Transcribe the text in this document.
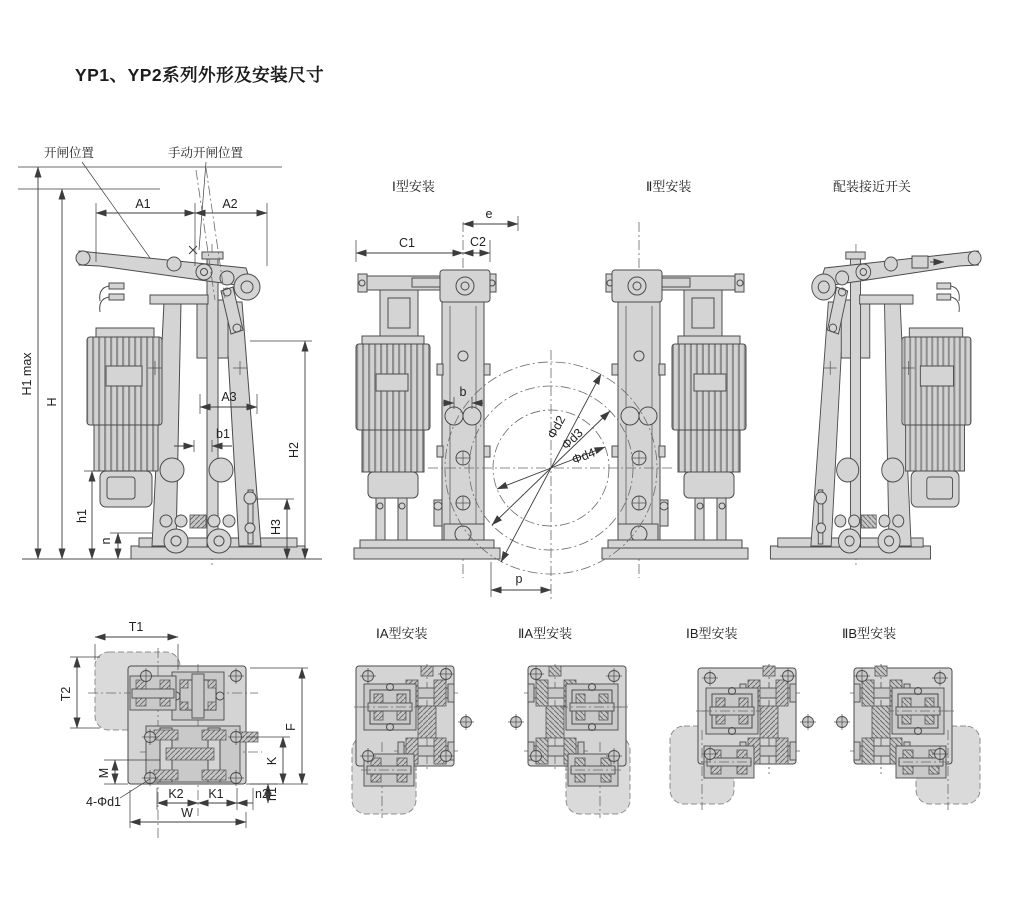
YP1、YP2系列外形及安装尺寸
H1 max
H
A1	A2
A3
b1
h1
n
H2
H3
开闸位置	手动开闸位置
C1	C2
e
b
Φd2
Φd3
Φd4
p
Ⅰ型安装	Ⅱ型安装	配装接近开关
T1
T2
F
K
M
K2 K1	n2
n1
W
4-Φd1
ⅠA型安装	ⅡA型安装	ⅠB型安装	ⅡB型安装
